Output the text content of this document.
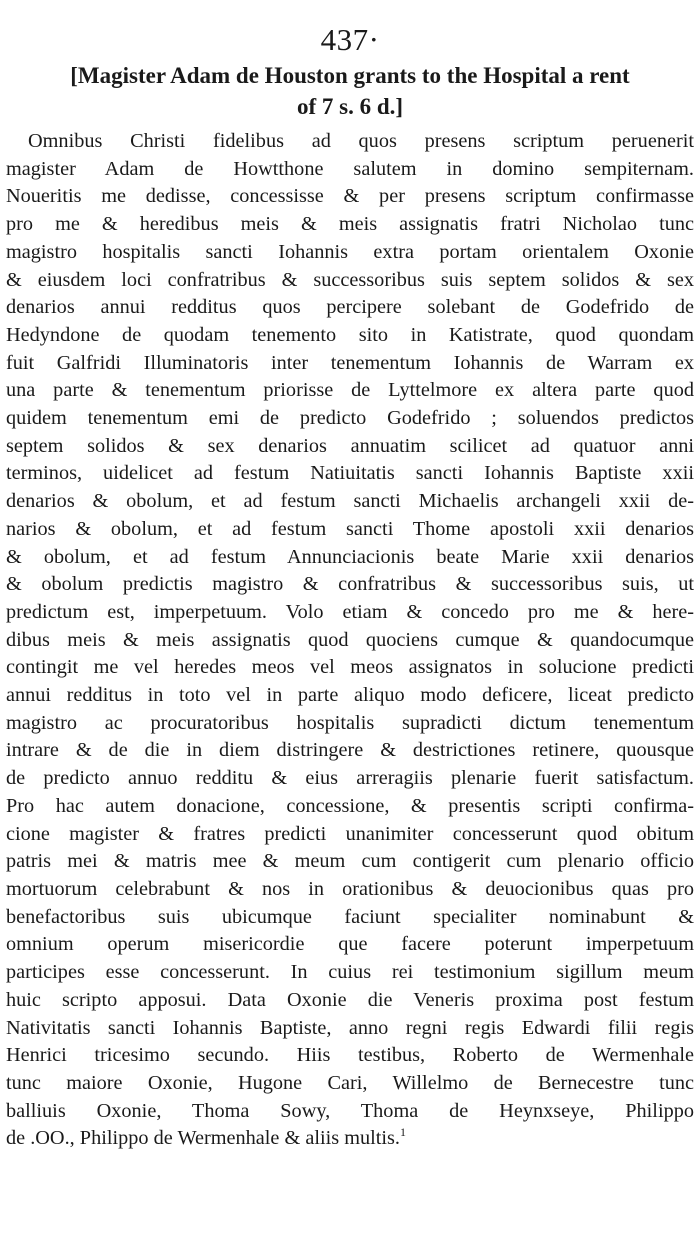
437·
[Magister Adam de Houston grants to the Hospital a rent
of 7 s. 6 d.]
Omnibus Christi fidelibus ad quos presens scriptum peruenerit
magister Adam de Howtthone salutem in domino sempiternam.
Noueritis me dedisse, concessisse & per presens scriptum confirmasse
pro me & heredibus meis & meis assignatis fratri Nicholao tunc
magistro hospitalis sancti Iohannis extra portam orientalem Oxonie
& eiusdem loci confratribus & successoribus suis septem solidos & sex
denarios annui redditus quos percipere solebant de Godefrido de
Hedyndone de quodam tenemento sito in Katistrate, quod quondam
fuit Galfridi Illuminatoris inter tenementum Iohannis de Warram ex
una parte & tenementum priorisse de Lyttelmore ex altera parte quod
quidem tenementum emi de predicto Godefrido ; soluendos predictos
septem solidos & sex denarios annuatim scilicet ad quatuor anni
terminos, uidelicet ad festum Natiuitatis sancti Iohannis Baptiste xxii
denarios & obolum, et ad festum sancti Michaelis archangeli xxii de-
narios & obolum, et ad festum sancti Thome apostoli xxii denarios
& obolum, et ad festum Annunciacionis beate Marie xxii denarios
& obolum predictis magistro & confratribus & successoribus suis, ut
predictum est, imperpetuum. Volo etiam & concedo pro me & here-
dibus meis & meis assignatis quod quociens cumque & quandocumque
contingit me vel heredes meos vel meos assignatos in solucione predicti
annui redditus in toto vel in parte aliquo modo deficere, liceat predicto
magistro ac procuratoribus hospitalis supradicti dictum tenementum
intrare & de die in diem distringere & destrictiones retinere, quousque
de predicto annuo redditu & eius arreragiis plenarie fuerit satisfactum.
Pro hac autem donacione, concessione, & presentis scripti confirma-
cione magister & fratres predicti unanimiter concesserunt quod obitum
patris mei & matris mee & meum cum contigerit cum plenario officio
mortuorum celebrabunt & nos in orationibus & deuocionibus quas pro
benefactoribus suis ubicumque faciunt specialiter nominabunt &
omnium operum misericordie que facere poterunt imperpetuum
participes esse concesserunt. In cuius rei testimonium sigillum meum
huic scripto apposui. Data Oxonie die Veneris proxima post festum
Nativitatis sancti Iohannis Baptiste, anno regni regis Edwardi filii regis
Henrici tricesimo secundo. Hiis testibus, Roberto de Wermenhale
tunc maiore Oxonie, Hugone Cari, Willelmo de Bernecestre tunc
balliuis Oxonie, Thoma Sowy, Thoma de Heynxseye, Philippo
de .OO., Philippo de Wermenhale & aliis multis.$^1$
